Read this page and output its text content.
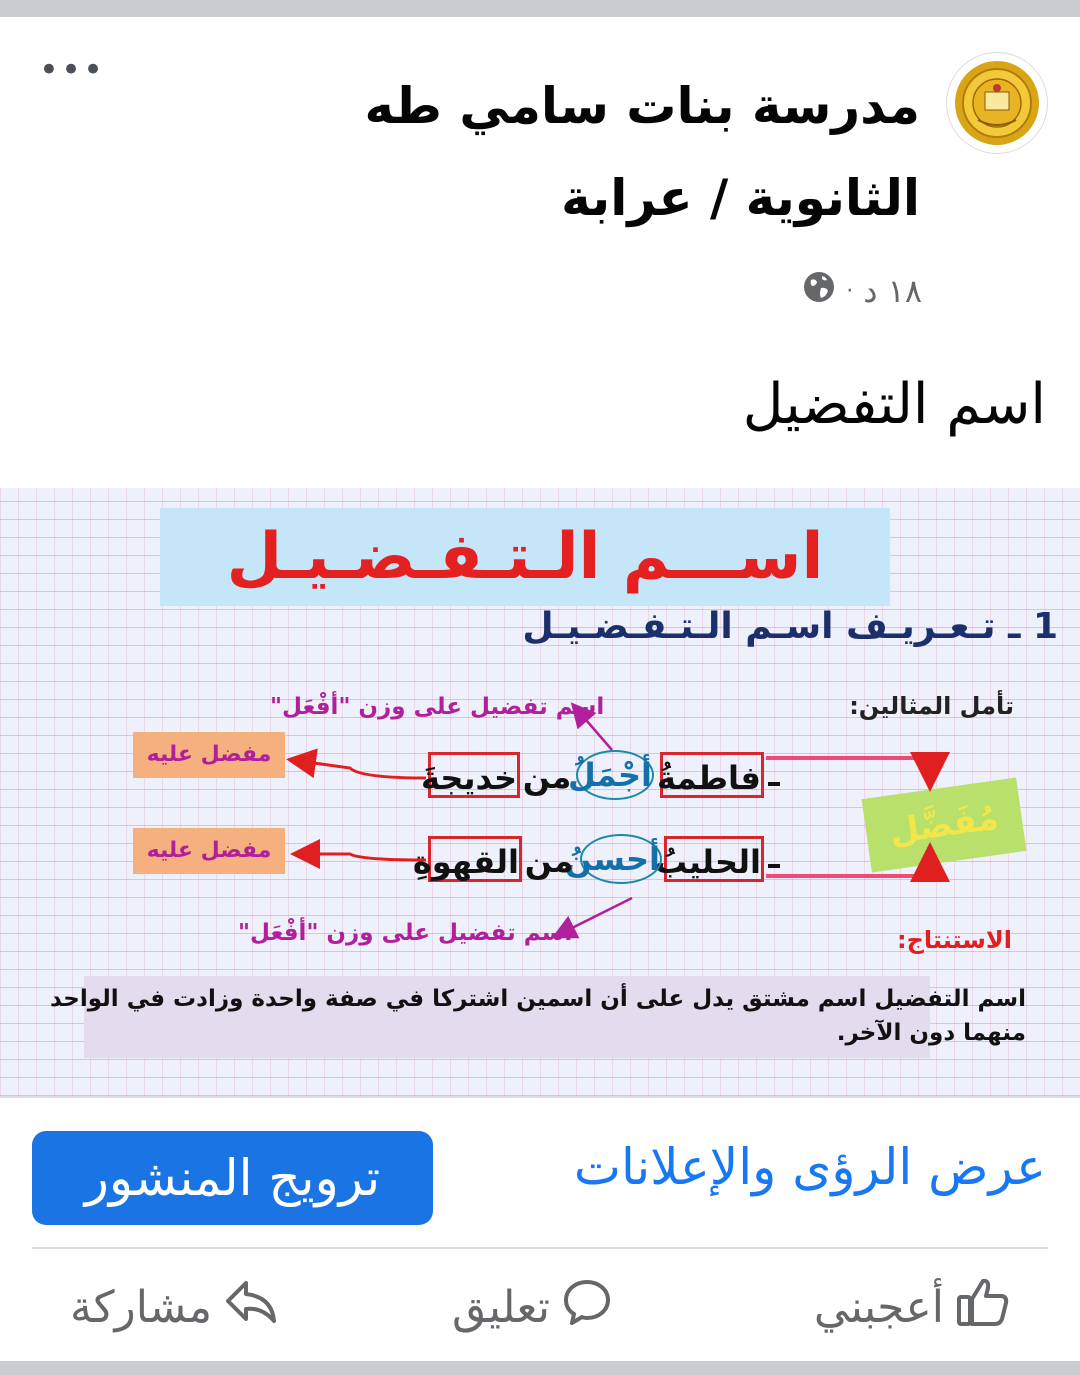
مدرسة بنات سامي طه الثانوية / عرابة
•••
١٨ د
·
اسم التفضيل
اســـم الـتـفـضـيـل
1 ـ تـعـريـف اسـم الـتـفـضـيـل
تأمل المثالين:
اسم تفضيل على وزن "أفْعَل"
اسم تفضيل على وزن "أفْعَل"
مفضل عليه
مفضل عليه
فاطمةُ
أجْمَلُ
من
خديجةَ
الحليبُ
أحسنُ
من
القهوةِ
مُفَضَّل
الاستنتاج:
اسم التفضيل اسم مشتق يدل على أن اسمين اشتركا في صفة واحدة وزادت في الواحد منهما دون الآخر.
عرض الرؤى والإعلانات
ترويج المنشور
أعجبني
تعليق
مشاركة
